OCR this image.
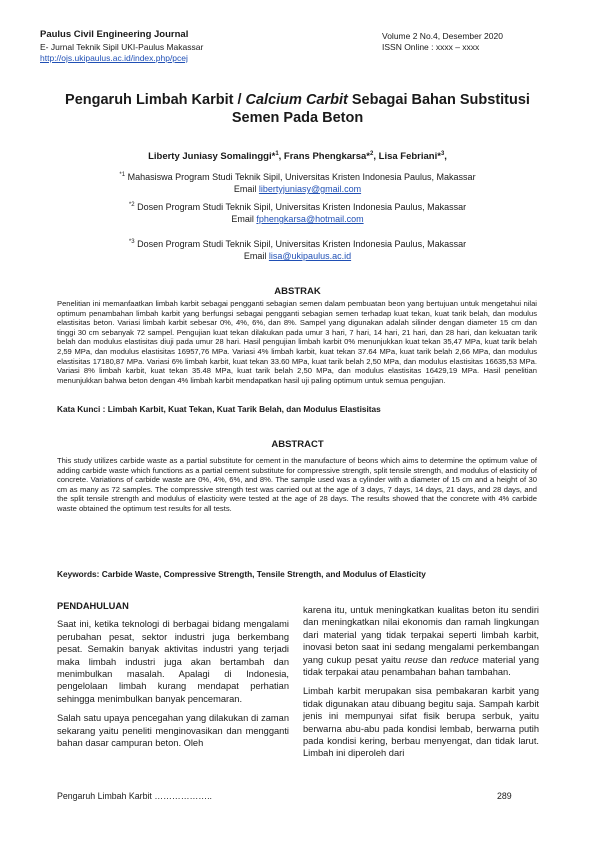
Paulus Civil Engineering Journal	Volume 2 No.4, Desember 2020
E- Jurnal Teknik Sipil UKI-Paulus Makassar	ISSN Online : xxxx – xxxx
http://ojs.ukipaulus.ac.id/index.php/pcej
Pengaruh Limbah Karbit / Calcium Carbit Sebagai Bahan Substitusi
Semen Pada Beton
Liberty Juniasy Somalinggi*$^1$, Frans Phengkarsa*$^2$, Lisa Febriani*$^3$,
$^{*1}$ Mahasiswa Program Studi Teknik Sipil, Universitas Kristen Indonesia Paulus, Makassar
Email libertyjuniasy@gmail.com
$^{*2}$ Dosen Program Studi Teknik Sipil, Universitas Kristen Indonesia Paulus, Makassar
Email fphengkarsa@hotmail.com
$^{*3}$ Dosen Program Studi Teknik Sipil, Universitas Kristen Indonesia Paulus, Makassar
Email lisa@ukipaulus.ac.id
ABSTRAK
Penelitian ini memanfaatkan limbah karbit sebagai pengganti sebagian semen dalam pembuatan beon yang bertujuan untuk mengetahui nilai optimum penambahan limbah karbit yang berfungsi sebagai pengganti sebagian semen terhadap kuat tekan, kuat tarik belah, dan modulus elastisitas beton. Variasi limbah karbit sebesar 0%, 4%, 6%, dan 8%. Sampel yang digunakan adalah silinder dengan diameter 15 cm dan tinggi 30 cm sebanyak 72 sampel. Pengujian kuat tekan dilakukan pada umur 3 hari, 7 hari, 14 hari, 21 hari, dan 28 hari, dan kekuatan tarik belah dan modulus elastisitas diuji pada umur 28 hari. Hasil pengujian limbah karbit 0% menunjukkan kuat tekan 35,47 MPa, kuat tarik belah 2,59 MPa, dan modulus elastisitas 16957,76 MPa. Variasi 4% limbah karbit, kuat tekan 37.64 MPa, kuat tarik belah 2,66 MPa, dan modulus elastisitas 17180,87 MPa. Variasi 6% limbah karbit, kuat tekan 33.60 MPa, kuat tarik belah 2,50 MPa, dan modulus elastisitas 16635,53 MPa. Variasi 8% limbah karbit, kuat tekan 35.48 MPa, kuat tarik belah 2,50 MPa, dan modulus elastisitas 16429,19 MPa. Hasil penelitian menunjukkan bahwa beton dengan 4% limbah karbit mendapatkan hasil uji paling optimum untuk semua pengujian.
Kata Kunci : Limbah Karbit, Kuat Tekan, Kuat Tarik Belah, dan Modulus Elastisitas
ABSTRACT
This study utilizes carbide waste as a partial substitute for cement in the manufacture of beons which aims to determine the optimum value of adding carbide waste which functions as a partial cement substitute for compressive strength, split tensile strength, and modulus of elasticity of concrete. Variations of carbide waste are 0%, 4%, 6%, and 8%. The sample used was a cylinder with a diameter of 15 cm and a height of 30 cm as many as 72 samples. The compressive strength test was carried out at the age of 3 days, 7 days, 14 days, 21 days, and 28 days, and the split tensile strength and modulus of elasticity were tested at the age of 28 days. The results showed that the concrete with 4% carbide waste obtained the optimum test results for all tests.
Keywords: Carbide Waste, Compressive Strength, Tensile Strength, and Modulus of Elasticity
PENDAHULUAN

Saat ini, ketika teknologi di berbagai bidang mengalami perubahan pesat, sektor industri juga berkembang pesat. Semakin banyak aktivitas industri yang terjadi maka limbah industri juga akan bertambah dan menimbulkan masalah. Apalagi di Indonesia, pengelolaan limbah kurang mendapat perhatian sehingga menimbulkan banyak pencemaran.

Salah satu upaya pencegahan yang dilakukan di zaman sekarang yaitu peneliti menginovasikan dan mengganti bahan dasar campuran beton. Oleh

karena itu, untuk meningkatkan kualitas beton itu sendiri dan meningkatkan nilai ekonomis dan ramah lingkungan dari material yang tidak terpakai seperti limbah karbit, inovasi beton saat ini sedang mengalami perkembangan yang cukup pesat yaitu reuse dan reduce material yang tidak terpakai atau penambahan bahan tambahan.

Limbah karbit merupakan sisa pembakaran karbit yang tidak digunakan atau dibuang begitu saja. Sampah karbit jenis ini mempunyai sifat fisik berupa serbuk, yaitu berwarna abu-abu pada kondisi lembab, berwarna putih pada kondisi kering, berbau menyengat, dan tidak larut. Limbah ini diperoleh dari

Pengaruh Limbah Karbit ………………..	289
